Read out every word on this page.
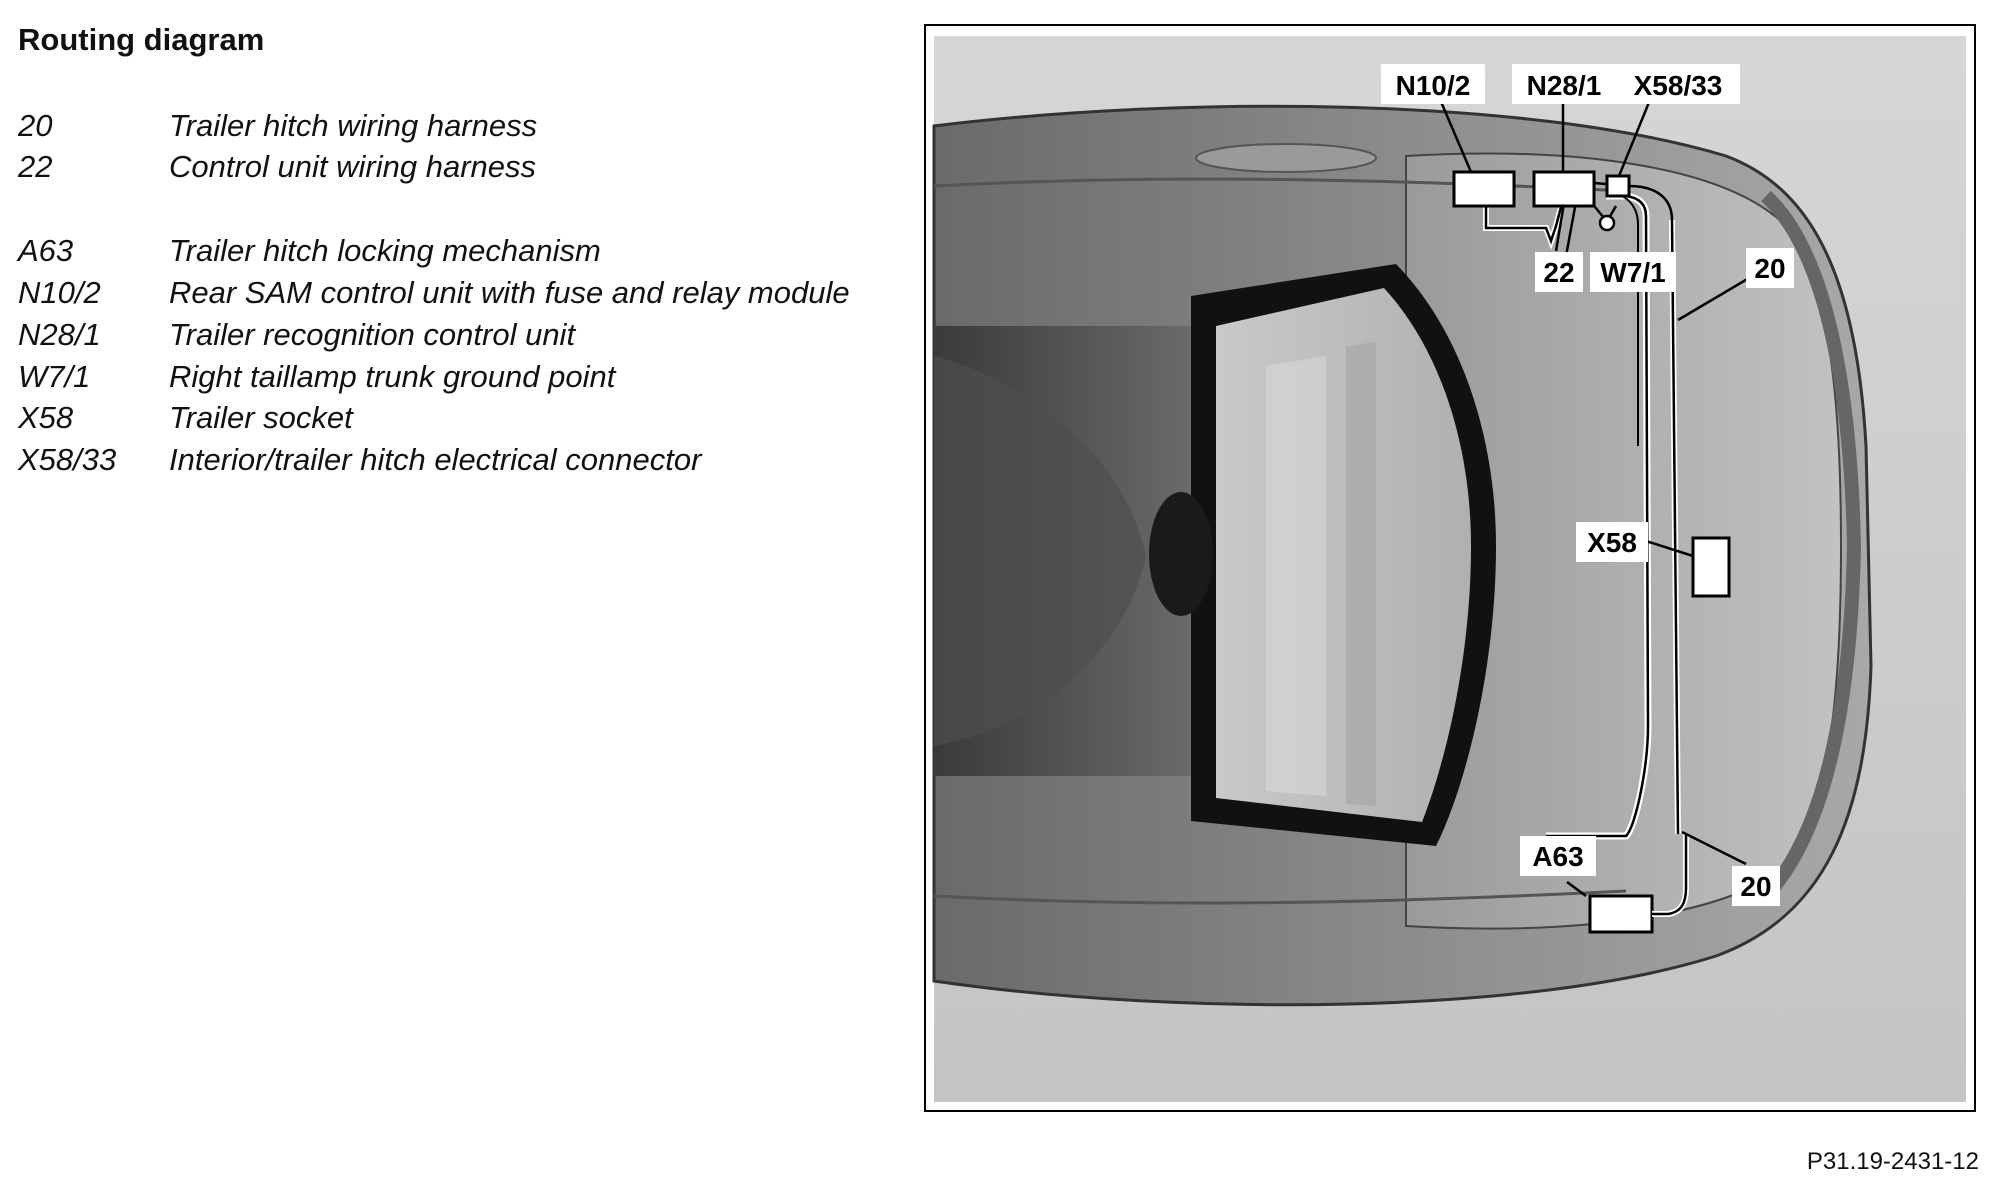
Routing diagram
20	Trailer hitch wiring harness
22	Control unit wiring harness
A63	Trailer hitch locking mechanism
N10/2 Rear SAM control unit with fuse and relay module
N28/1 Trailer recognition control unit
W7/1	Right taillamp trunk ground point
X58	Trailer socket
X58/33 Interior/trailer hitch electrical connector
N10/2 N28/1 X58/33
22 W7/1	20
X58
A63
20
P31.19-2431-12
